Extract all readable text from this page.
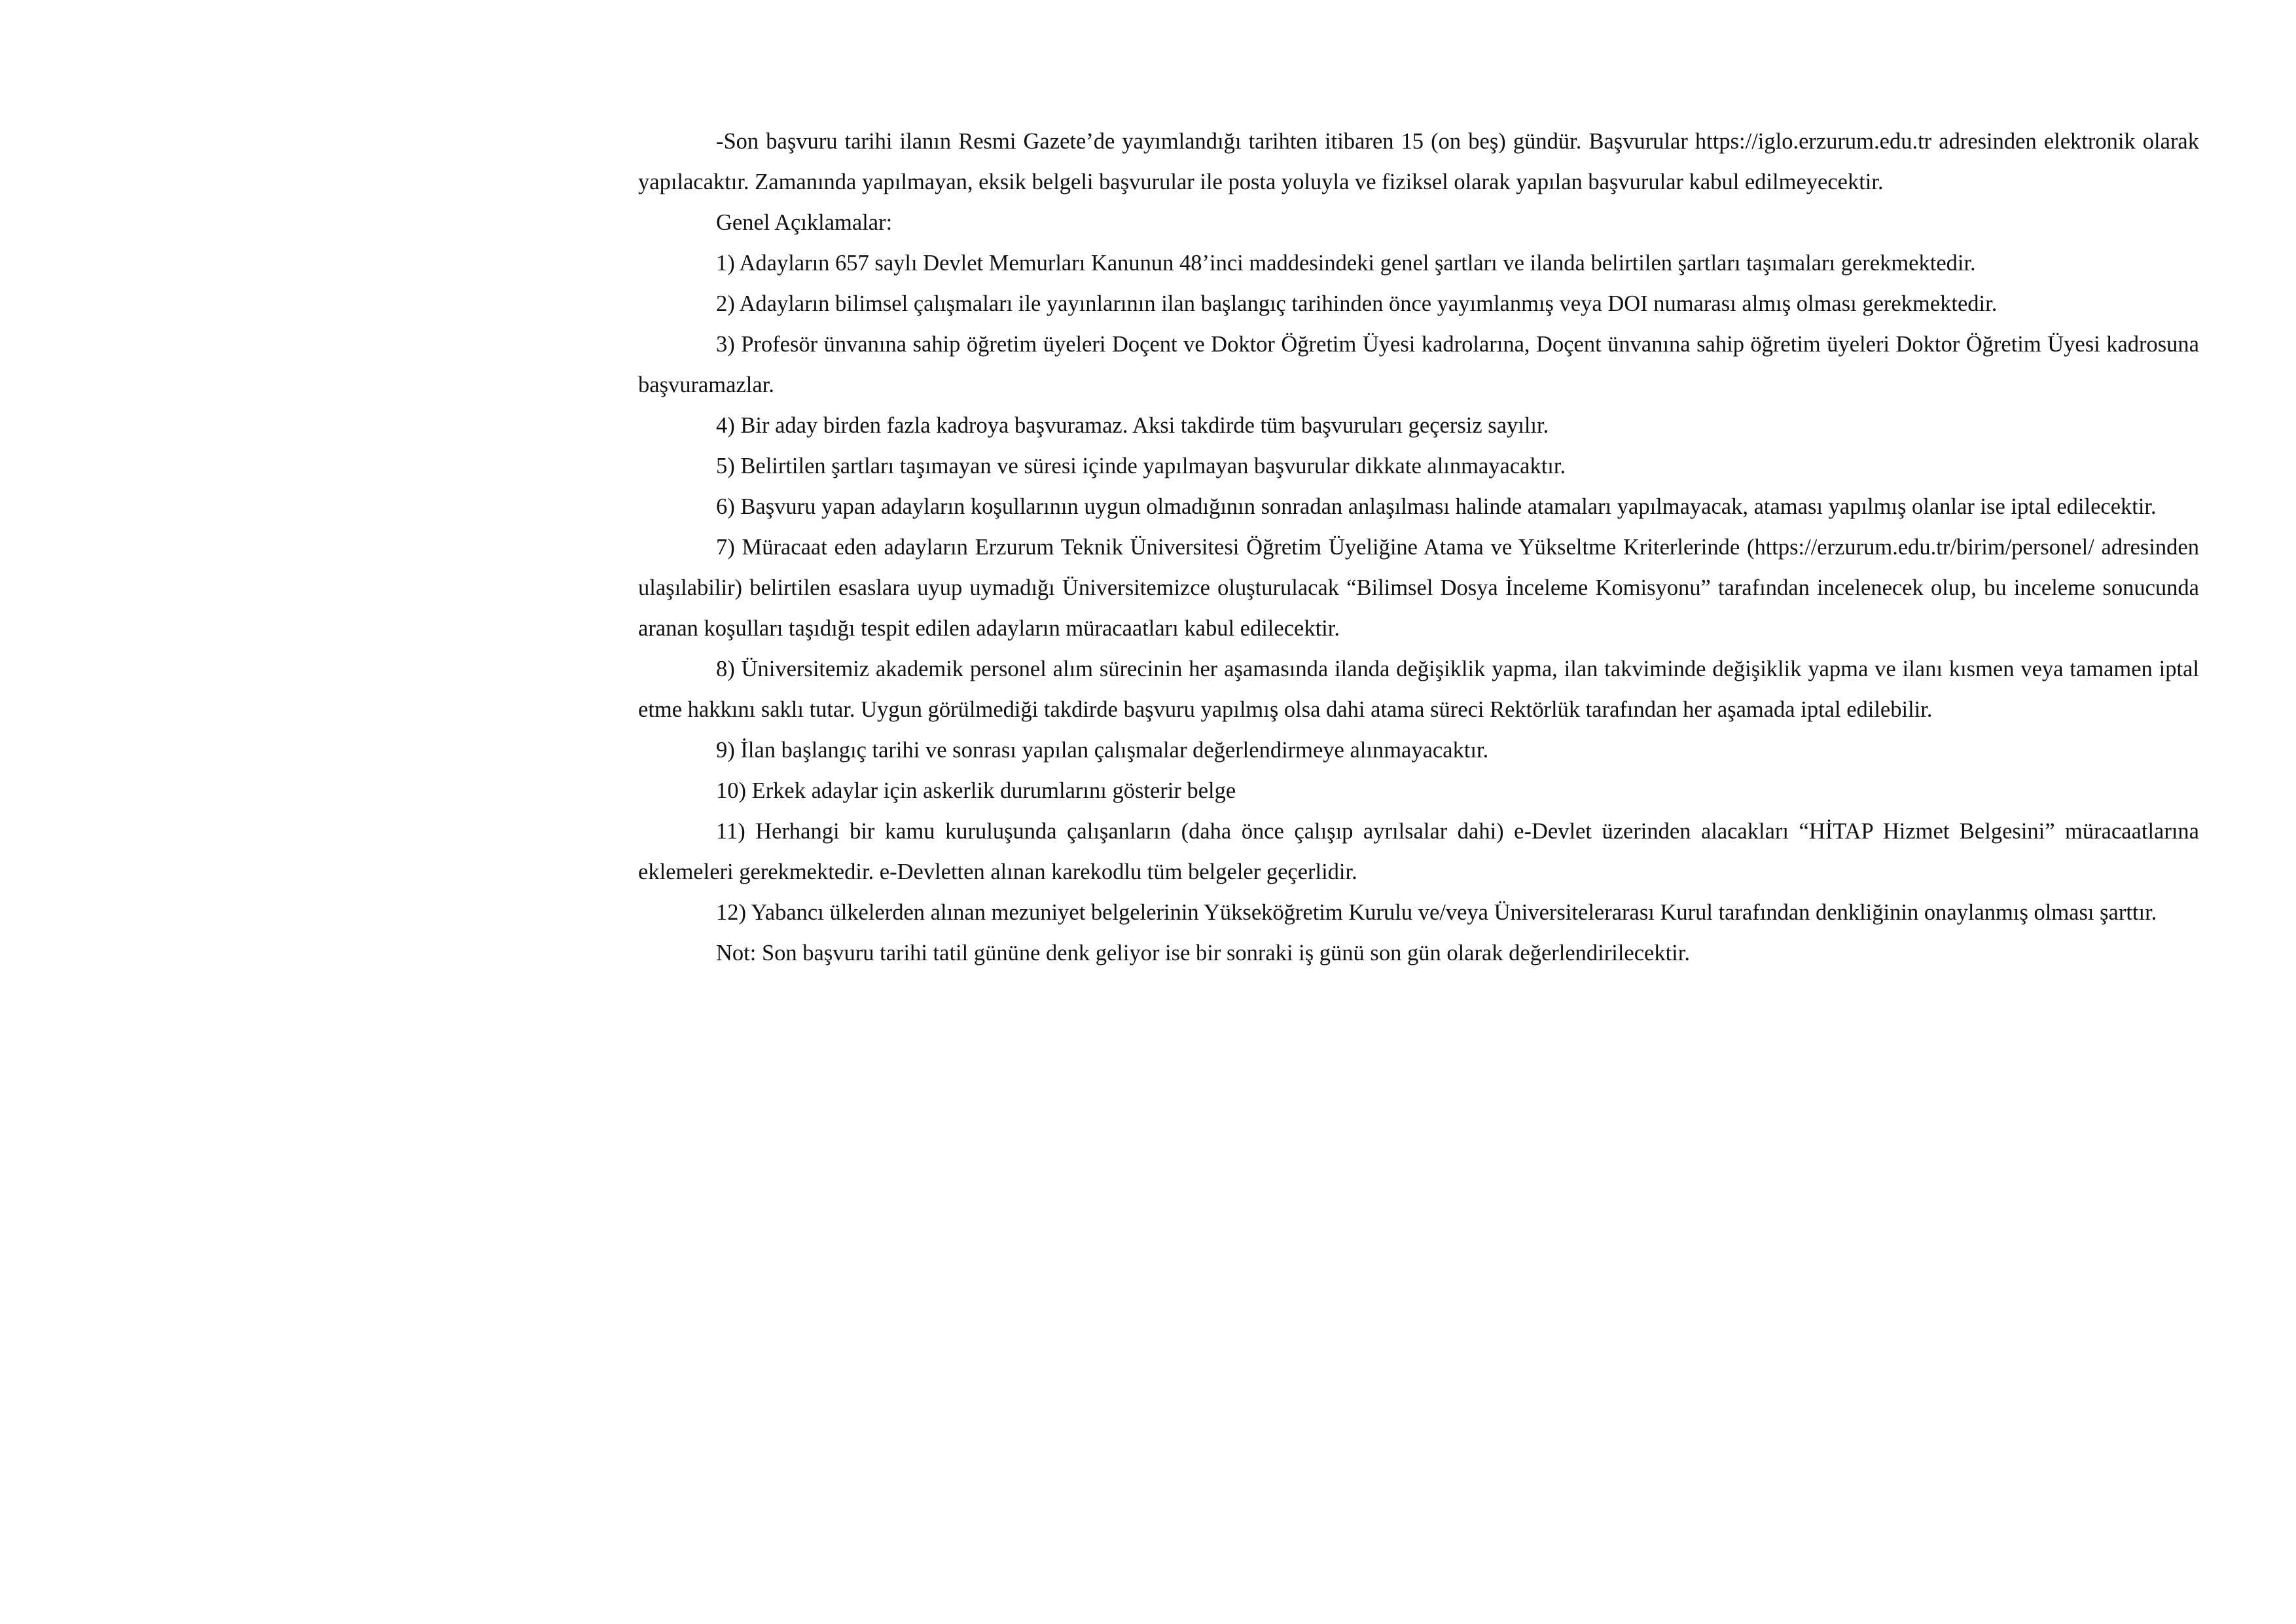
-Son başvuru tarihi ilanın Resmi Gazete’de yayımlandığı tarihten itibaren 15 (on beş) gündür. Başvurular https://iglo.erzurum.edu.tr adresinden elektronik olarak yapılacaktır. Zamanında yapılmayan, eksik belgeli başvurular ile posta yoluyla ve fiziksel olarak yapılan başvurular kabul edilmeyecektir.

Genel Açıklamalar:

1) Adayların 657 saylı Devlet Memurları Kanunun 48’inci maddesindeki genel şartları ve ilanda belirtilen şartları taşımaları gerekmektedir.

2) Adayların bilimsel çalışmaları ile yayınlarının ilan başlangıç tarihinden önce yayımlanmış veya DOI numarası almış olması gerekmektedir.

3) Profesör ünvanına sahip öğretim üyeleri Doçent ve Doktor Öğretim Üyesi kadrolarına, Doçent ünvanına sahip öğretim üyeleri Doktor Öğretim Üyesi kadrosuna başvuramazlar.

4) Bir aday birden fazla kadroya başvuramaz. Aksi takdirde tüm başvuruları geçersiz sayılır.

5) Belirtilen şartları taşımayan ve süresi içinde yapılmayan başvurular dikkate alınmayacaktır.

6) Başvuru yapan adayların koşullarının uygun olmadığının sonradan anlaşılması halinde atamaları yapılmayacak, ataması yapılmış olanlar ise iptal edilecektir.

7) Müracaat eden adayların Erzurum Teknik Üniversitesi Öğretim Üyeliğine Atama ve Yükseltme Kriterlerinde (https://erzurum.edu.tr/birim/personel/ adresinden ulaşılabilir) belirtilen esaslara uyup uymadığı Üniversitemizce oluşturulacak “Bilimsel Dosya İnceleme Komisyonu” tarafından incelenecek olup, bu inceleme sonucunda aranan koşulları taşıdığı tespit edilen adayların müracaatları kabul edilecektir.

8) Üniversitemiz akademik personel alım sürecinin her aşamasında ilanda değişiklik yapma, ilan takviminde değişiklik yapma ve ilanı kısmen veya tamamen iptal etme hakkını saklı tutar. Uygun görülmediği takdirde başvuru yapılmış olsa dahi atama süreci Rektörlük tarafından her aşamada iptal edilebilir.

9) İlan başlangıç tarihi ve sonrası yapılan çalışmalar değerlendirmeye alınmayacaktır.

10) Erkek adaylar için askerlik durumlarını gösterir belge

11) Herhangi bir kamu kuruluşunda çalışanların (daha önce çalışıp ayrılsalar dahi) e-Devlet üzerinden alacakları “HİTAP Hizmet Belgesini” müracaatlarına eklemeleri gerekmektedir. e-Devletten alınan karekodlu tüm belgeler geçerlidir.

12) Yabancı ülkelerden alınan mezuniyet belgelerinin Yükseköğretim Kurulu ve/veya Üniversitelerarası Kurul tarafından denkliğinin onaylanmış olması şarttır.

Not: Son başvuru tarihi tatil gününe denk geliyor ise bir sonraki iş günü son gün olarak değerlendirilecektir.
